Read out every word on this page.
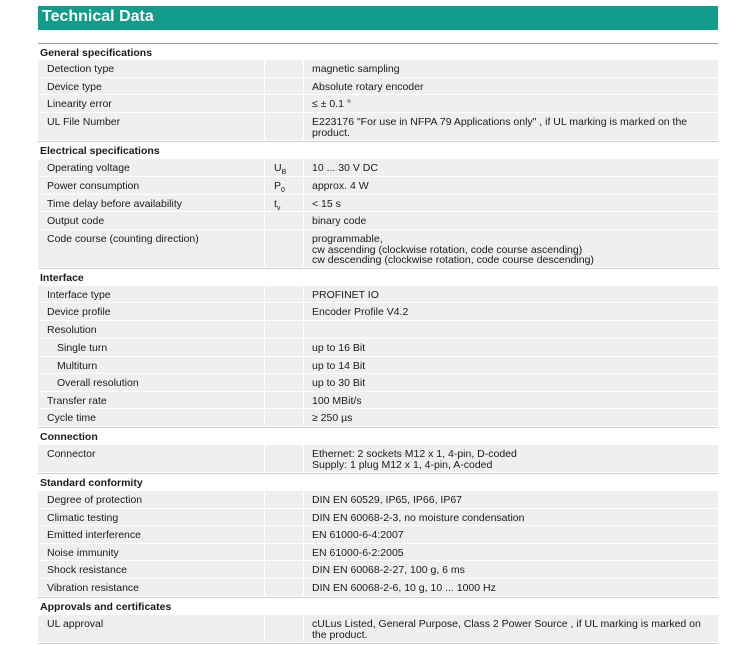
Technical Data
General specifications
Detection type	magnetic sampling
Device type	Absolute rotary encoder
Linearity error	≤ ± 0.1 °
UL File Number	E223176 "For use in NFPA 79 Applications only" , if UL marking is marked on the product.
Electrical specifications
Operating voltage	$U_B$ 10 ... 30 V DC
Power consumption	$P_0$	approx. 4 W
Time delay before availability	$t_v$	< 15 s
Output code	binary code
Code course (counting direction)	programmable,
cw ascending (clockwise rotation, code course ascending)
cw descending (clockwise rotation, code course descending)
Interface
Interface type	PROFINET IO
Device profile	Encoder Profile V4.2
Resolution
Single turn	up to 16 Bit
Multiturn	up to 14 Bit
Overall resolution	up to 30 Bit
Transfer rate	100 MBit/s
Cycle time	≥ 250 µs
Connection
Connector	Ethernet: 2 sockets M12 x 1, 4-pin, D-coded
Supply: 1 plug M12 x 1, 4-pin, A-coded
Standard conformity
Degree of protection	DIN EN 60529, IP65, IP66, IP67
Climatic testing	DIN EN 60068-2-3, no moisture condensation
Emitted interference	EN 61000-6-4:2007
Noise immunity	EN 61000-6-2:2005
Shock resistance	DIN EN 60068-2-27, 100 g, 6 ms
Vibration resistance	DIN EN 60068-2-6, 10 g, 10 ... 1000 Hz
Approvals and certificates
UL approval	cULus Listed, General Purpose, Class 2 Power Source , if UL marking is marked on the product.
